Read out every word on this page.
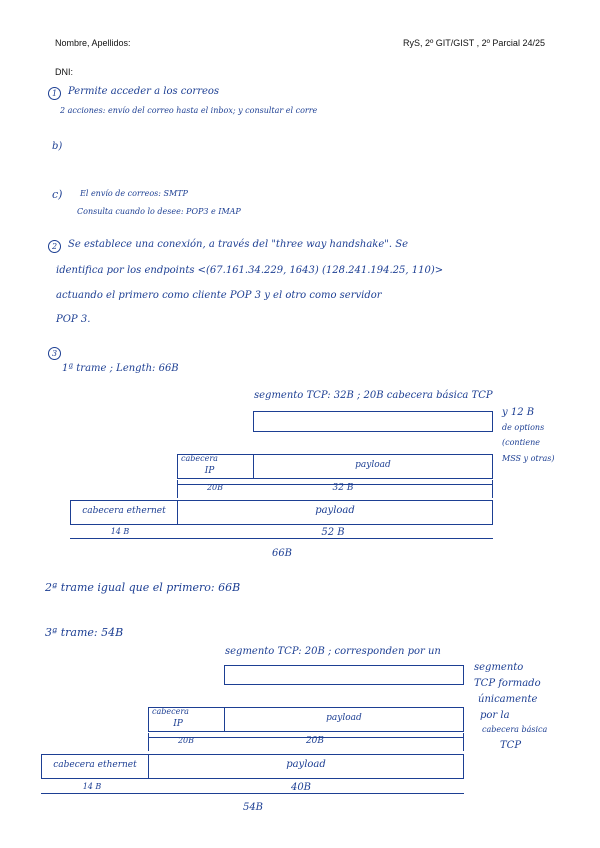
Nombre, Apellidos:	RyS, 2º GIT/GIST , 2º Parcial 24/25
DNI:
1	Permite acceder a los correos
2 acciones: envío del correo hasta el inbox; y consultar el corre
b)
c) El envío de correos: SMTP
Consulta cuando lo desee: POP3 e IMAP
2	Se establece una conexión, a través del "three way handshake". Se
identifica por los endpoints <(67.161.34.229, 1643) (128.241.194.25, 110)>
actuando el primero como cliente POP 3 y el otro como servidor
POP 3.
3
1ª trame ; Length: 66B
segmento TCP: 32B ; 20B cabecera básica TCP
y 12 B
de options
(contiene
MSS y otras)
cabecera
IP
payload
20B	32 B
cabecera ethernet	payload
14 B	52 B
66B
2ª trame igual que el primero: 66B
3ª trame: 54B
segmento TCP: 20B ; corresponden por un
segmento
TCP formado
únicamente
por la
cabecera básica
TCP
cabecera
IP
payload
20B	20B
cabecera ethernet	payload
14 B	40B
54B
